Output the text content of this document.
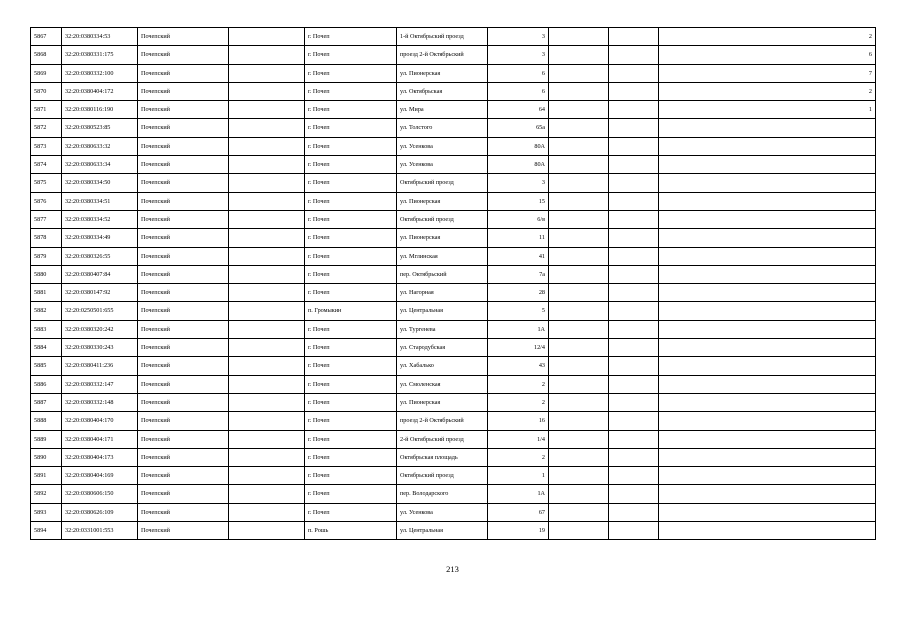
5867	32:20:0380334:53	Почепский		г. Почеп	1-й Октябрьский проезд	3			2
5868	32:20:0380331:175	Почепский		г. Почеп	проезд 2-й Октябрьский	3			6
5869	32:20:0380332:100	Почепский		г. Почеп	ул. Пионерская	6			7
5870	32:20:0380404:172	Почепский		г. Почеп	ул. Октябрьская	6			2
5871	32:20:0380116:190	Почепский		г. Почеп	ул. Мира	64			1
5872	32:20:0380523:85	Почепский		г. Почеп	ул. Толстого	65а			
5873	32:20:0380633:32	Почепский		г. Почеп	ул. Усенкова	80А			
5874	32:20:0380633:34	Почепский		г. Почеп	ул. Усенкова	80А			
5875	32:20:0380334:50	Почепский		г. Почеп	Октябрьский проезд	3			
5876	32:20:0380334:51	Почепский		г. Почеп	ул. Пионерская	15			
5877	32:20:0380334:52	Почепский		г. Почеп	Октябрьский проезд	6/в			
5878	32:20:0380334:49	Почепский		г. Почеп	ул. Пионерская	11			
5879	32:20:0380326:55	Почепский		г. Почеп	ул. Мглинская	41			
5880	32:20:0380407:84	Почепский		г. Почеп	пер. Октябрьский	7а			
5881	32:20:0380147:92	Почепский		г. Почеп	ул. Нагорная	28			
5882	32:20:0250501:655	Почепский		п. Громыкин	ул. Центральная	5			
5883	32:20:0380320:242	Почепский		г. Почеп	ул. Тургенева	1А			
5884	32:20:0380330:243	Почепский		г. Почеп	ул. Стародубская	12/4			
5885	32:20:0380411:236	Почепский		г. Почеп	ул. Хабалько	43			
5886	32:20:0380332:147	Почепский		г. Почеп	ул. Смоленская	2			
5887	32:20:0380332:148	Почепский		г. Почеп	ул. Пионерская	2			
5888	32:20:0380404:170	Почепский		г. Почеп	проезд 2-й Октябрьский	16			
5889	32:20:0380404:171	Почепский		г. Почеп	2-й Октябрьский проезд	1/4			
5890	32:20:0380404:173	Почепский		г. Почеп	Октябрьская площадь	2			
5891	32:20:0380404:169	Почепский		г. Почеп	Октябрьский проезд	1			
5892	32:20:0380606:150	Почепский		г. Почеп	пер. Володарского	1А			
5893	32:20:0380626:109	Почепский		г. Почеп	ул. Усенкова	67			
5894	32:20:0331001:553	Почепский		п. Рошь	ул. Центральная	19			
213
